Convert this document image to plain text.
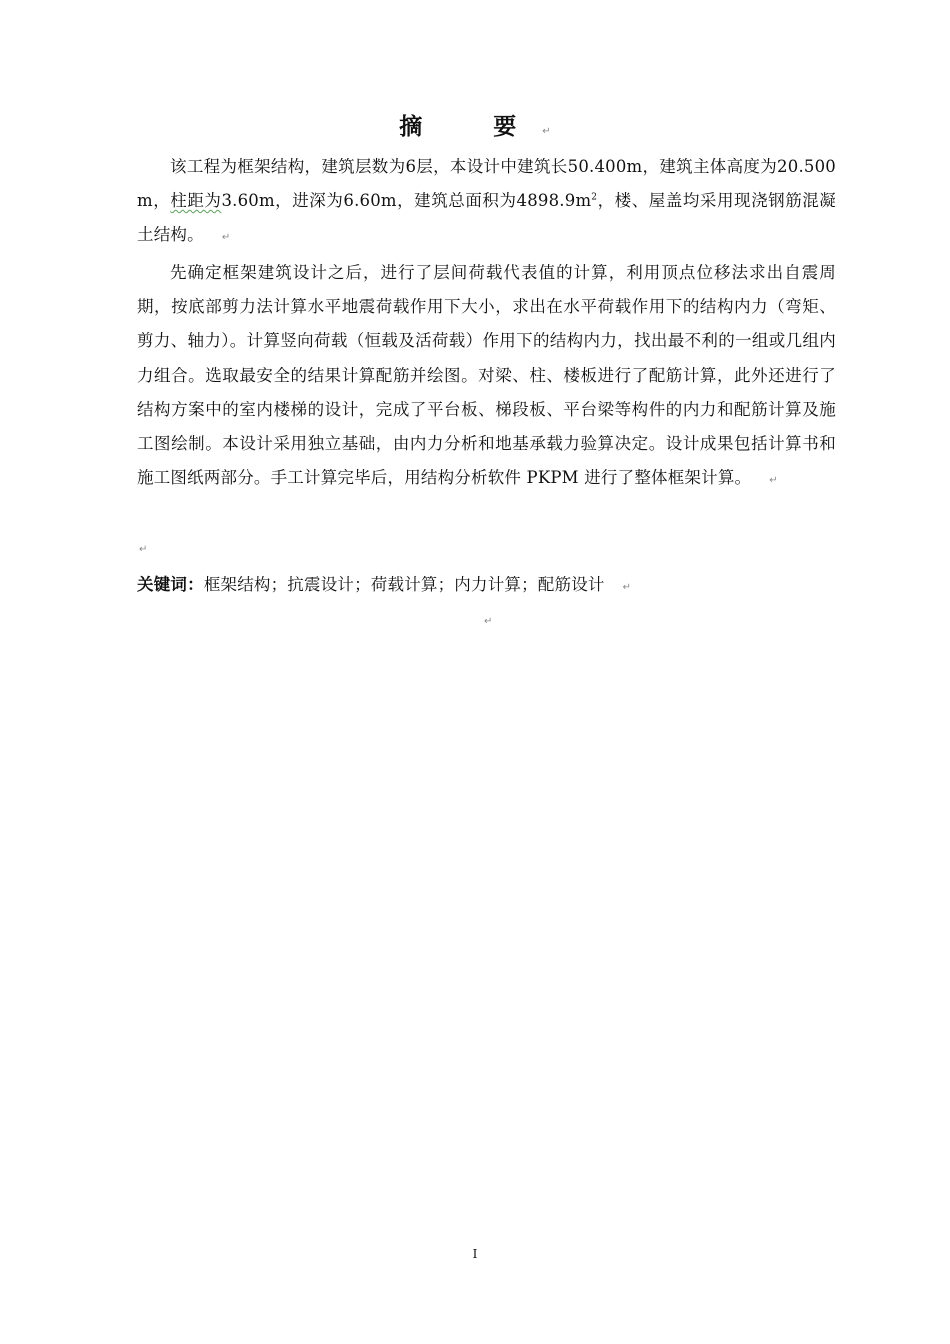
摘　要 ↵
该工程为框架结构，建筑层数为6层，本设计中建筑长50.400m，建筑主体高度为20.500 m，柱距为3.60m，进深为6.60m，建筑总面积为$4898.9m^2$，楼、屋盖均采用现浇钢筋混凝土结构。 ↵
先确定框架建筑设计之后，进行了层间荷载代表值的计算，利用顶点位移法求出自震周期，按底部剪力法计算水平地震荷载作用下大小，求出在水平荷载作用下的结构内力（弯矩、剪力、轴力）。计算竖向荷载（恒载及活荷载）作用下的结构内力，找出最不利的一组或几组内力组合。选取最安全的结果计算配筋并绘图。对梁、柱、楼板进行了配筋计算，此外还进行了结构方案中的室内楼梯的设计，完成了平台板、梯段板、平台梁等构件的内力和配筋计算及施工图绘制。本设计采用独立基础，由内力分析和地基承载力验算决定。设计成果包括计算书和施工图纸两部分。手工计算完毕后，用结构分析软件 PKPM 进行了整体框架计算。 ↵
↵
关键词：框架结构；抗震设计；荷载计算；内力计算；配筋设计 ↵
↵
I
